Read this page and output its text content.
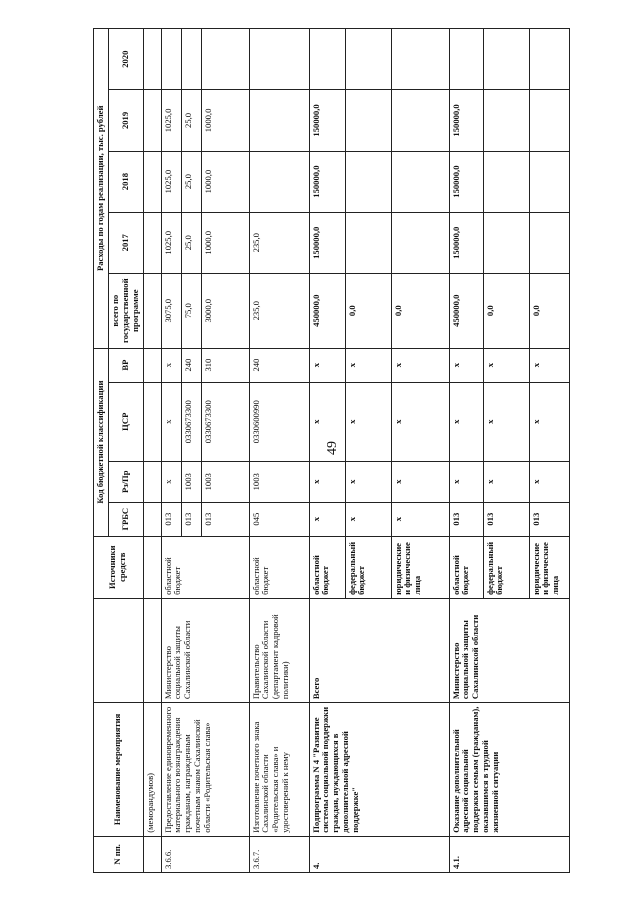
49
N пп.	Наименование мероприятия		Источники средств	Код бюджетной классификации				Расходы по годам реализации, тыс. рублей				
				ГРБС	Рз/Пр	ЦСР	ВР	всего по государственной программе	2017	2018	2019	2020
	(меморандумов)											
3.6.6.	Предоставление единовременного материального вознаграждения гражданам, награжденным почетным знаком Сахалинской области «Родительская слава»	Министерство социальной защиты Сахалинской области	областной бюджет	013	х	х	х	3075,0	1025,0	1025,0	1025,0	
				013	1003	0330673300	240	75,0	25,0	25,0	25,0	
				013	1003	0330673300	310	3000,0	1000,0	1000,0	1000,0	
3.6.7.	Изготовление почетного знака Сахалинской области «Родительская слава» и удостоверений к нему	Правительство Сахалинской области (департамент кадровой политики)	областной бюджет	045	1003	0330600990	240	235,0	235,0			
4.	Подпрограмма N 4 "Развитие системы социальной поддержки граждан, нуждающихся в дополнительной адресной поддержке"	Всего	областной бюджет	х	х	х	х	450000,0	150000,0	150000,0	150000,0	
			федеральный бюджет	х	х	х	х	0,0				
			юридические и физические лица	х	х	х	х	0,0				
4.1.	Оказание дополнительной адресной социальной поддержки семьям (гражданам), оказавшимся в трудной жизненной ситуации	Министерство социальной защиты Сахалинской области	областной бюджет	013	х	х	х	450000,0	150000,0	150000,0	150000,0	
			федеральный бюджет	013	х	х	х	0,0				
			юридические и физические лица	013	х	х	х	0,0				
